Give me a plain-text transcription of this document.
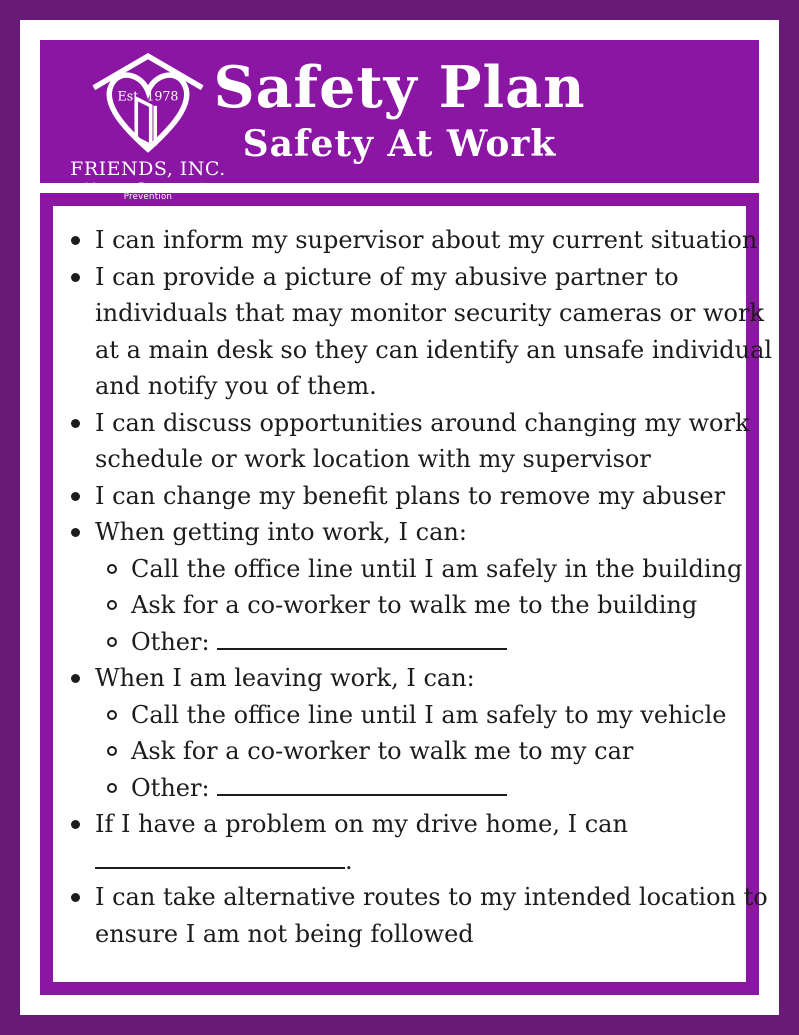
Est. 1978
FRIENDS, INC.
Advocacy • Empowerment • Prevention
Safety Plan
Safety At Work
I can inform my supervisor about my current situation
I can provide a picture of my abusive partner to
individuals that may monitor security cameras or work
at a main desk so they can identify an unsafe individual
and notify you of them.
I can discuss opportunities around changing my work
schedule or work location with my supervisor
I can change my benefit plans to remove my abuser
When getting into work, I can:
Call the office line until I am safely in the building
Ask for a co-worker to walk me to the building
Other:
When I am leaving work, I can:
Call the office line until I am safely to my vehicle
Ask for a co-worker to walk me to my car
Other:
If I have a problem on my drive home, I can
.
I can take alternative routes to my intended location to
ensure I am not being followed
